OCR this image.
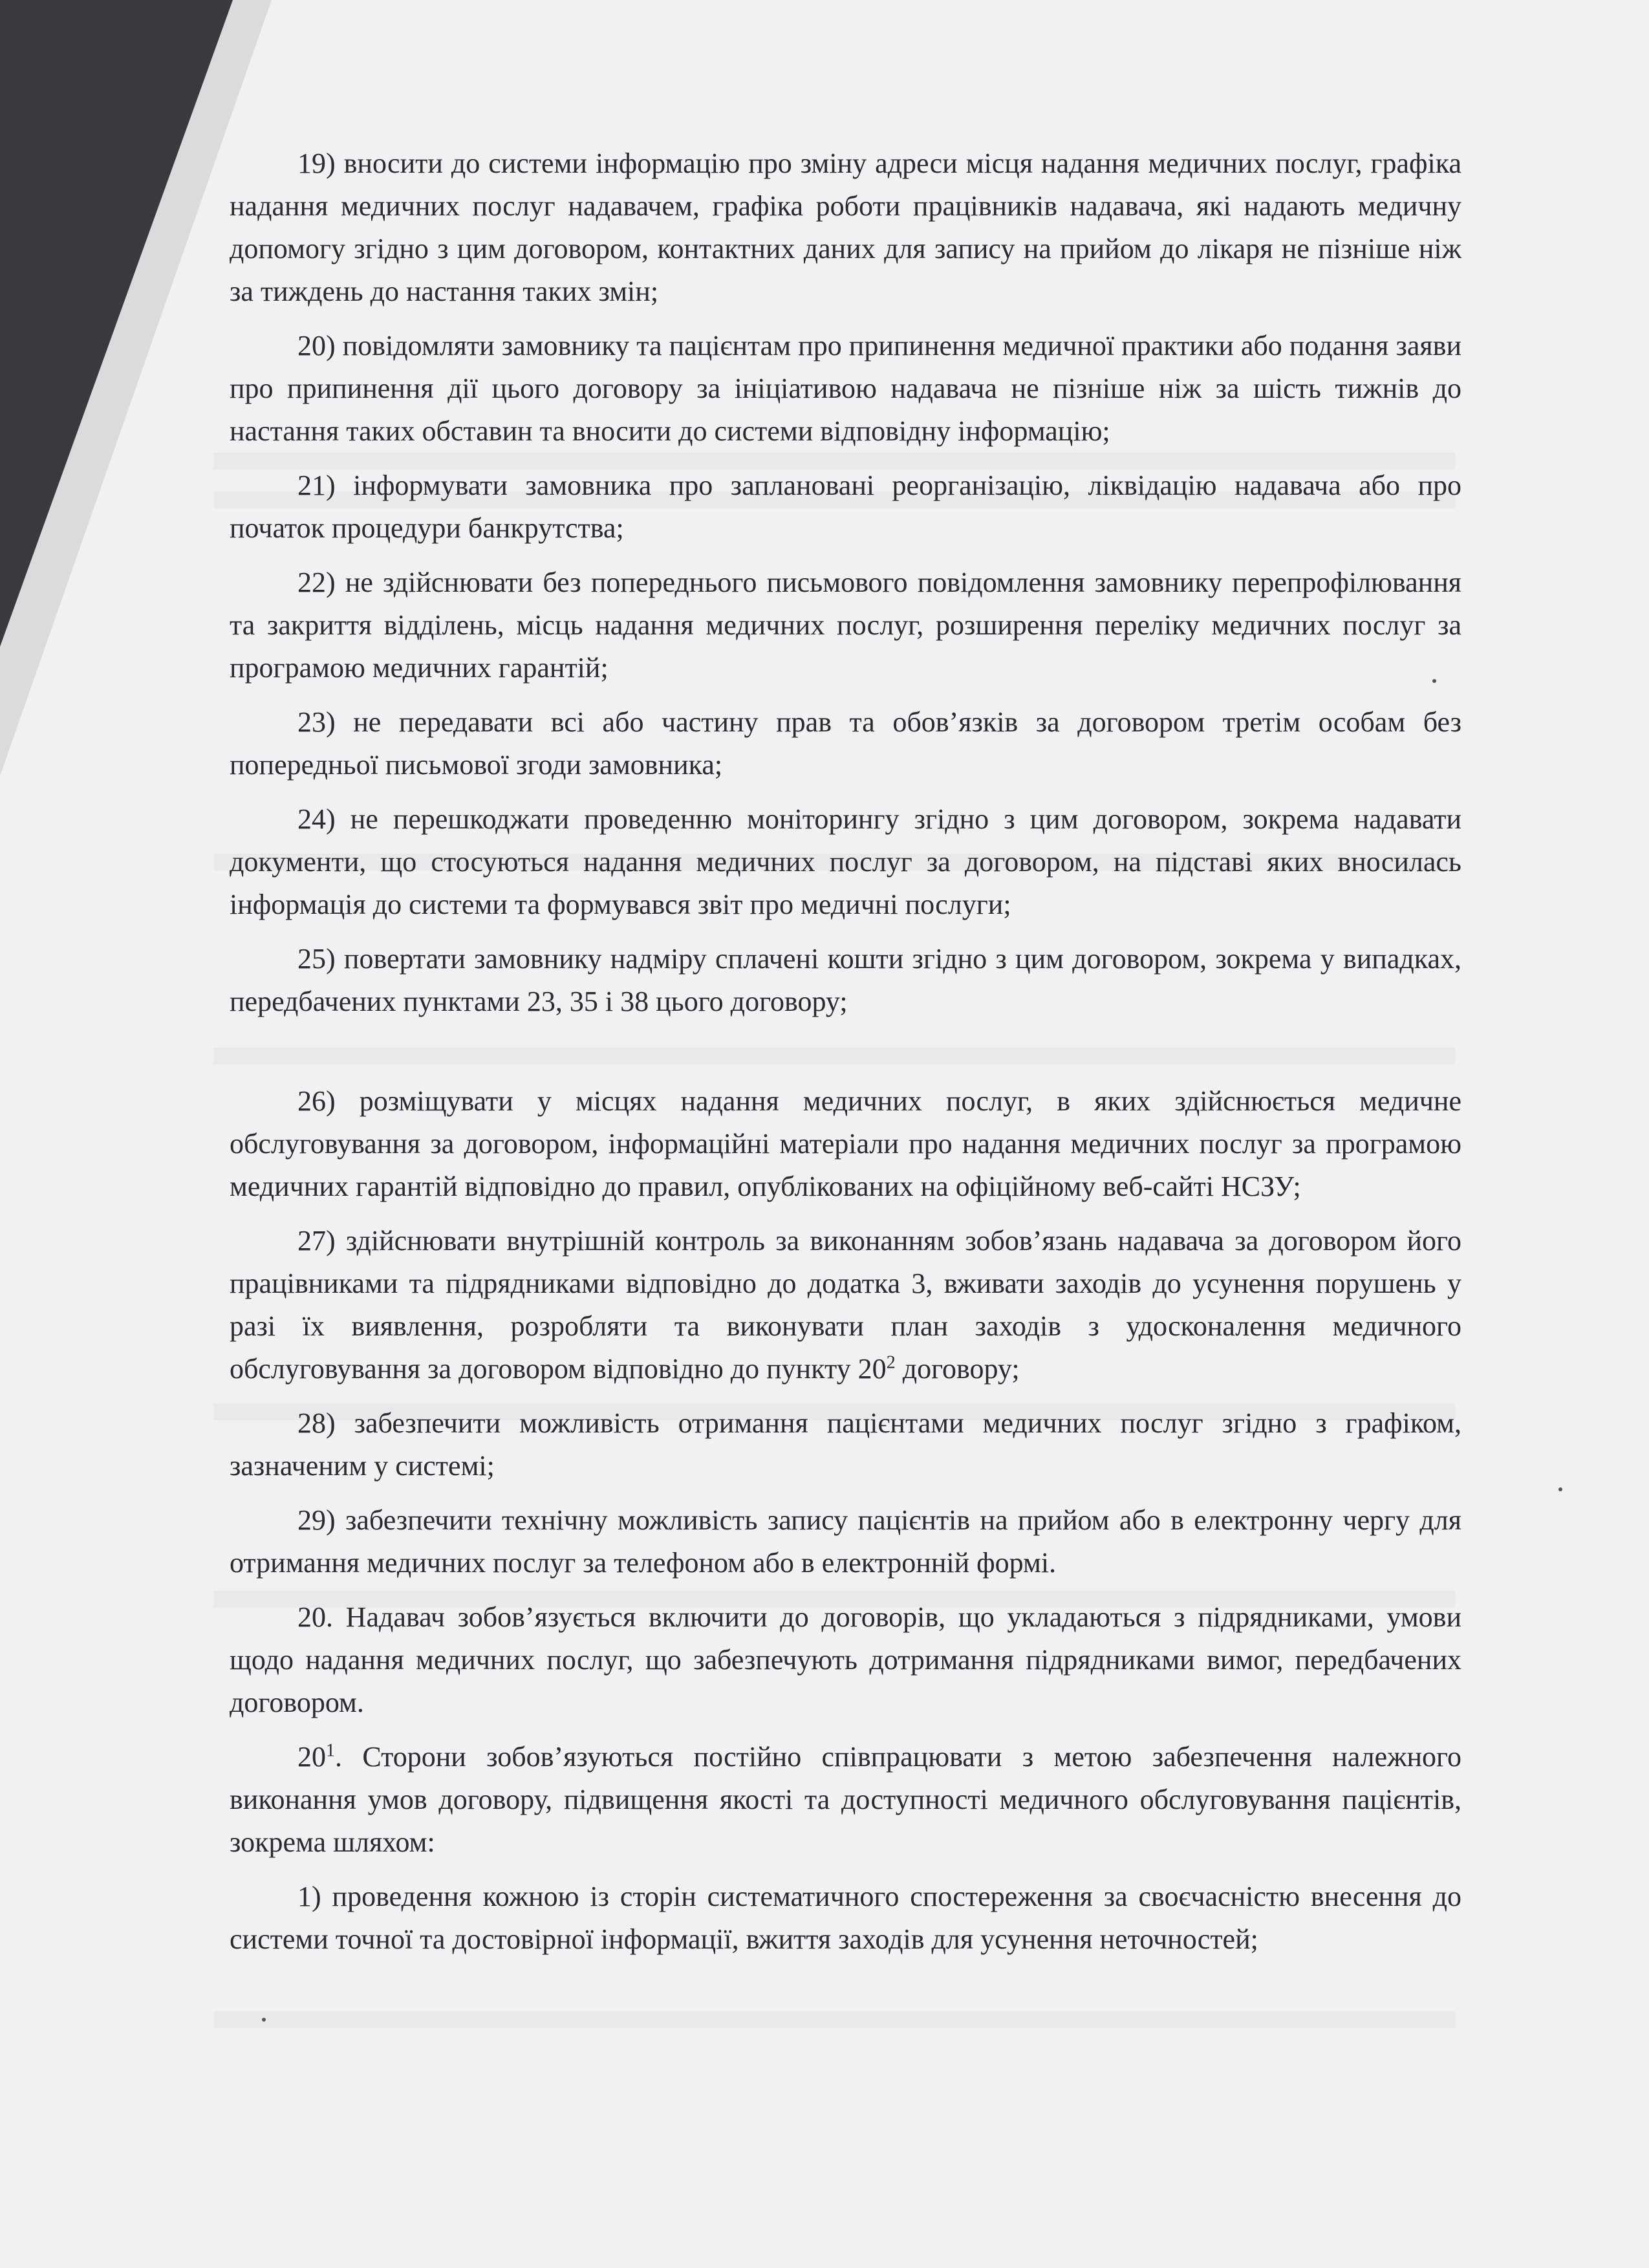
19) вносити до системи інформацію про зміну адреси місця надання медичних послуг, графіка надання медичних послуг надавачем, графіка роботи працівників надавача, які надають медичну допомогу згідно з цим договором, контактних даних для запису на прийом до лікаря не пізніше ніж за тиждень до настання таких змін;

20) повідомляти замовнику та пацієнтам про припинення медичної практики або подання заяви про припинення дії цього договору за ініціативою надавача не пізніше ніж за шість тижнів до настання таких обставин та вносити до системи відповідну інформацію;

21) інформувати замовника про заплановані реорганізацію, ліквідацію надавача або про початок процедури банкрутства;

22) не здійснювати без попереднього письмового повідомлення замовнику перепрофілювання та закриття відділень, місць надання медичних послуг, розширення переліку медичних послуг за програмою медичних гарантій;

23) не передавати всі або частину прав та обов’язків за договором третім особам без попередньої письмової згоди замовника;

24) не перешкоджати проведенню моніторингу згідно з цим договором, зокрема надавати документи, що стосуються надання медичних послуг за договором, на підставі яких вносилась інформація до системи та формувався звіт про медичні послуги;

25) повертати замовнику надміру сплачені кошти згідно з цим договором, зокрема у випадках, передбачених пунктами 23, 35 і 38 цього договору;

26) розміщувати у місцях надання медичних послуг, в яких здійснюється медичне обслуговування за договором, інформаційні матеріали про надання медичних послуг за програмою медичних гарантій відповідно до правил, опублікованих на офіційному веб-сайті НСЗУ;

27) здійснювати внутрішній контроль за виконанням зобов’язань надавача за договором його працівниками та підрядниками відповідно до додатка 3, вживати заходів до усунення порушень у разі їх виявлення, розробляти та виконувати план заходів з удосконалення медичного обслуговування за договором відповідно до пункту $20^2$ договору;

28) забезпечити можливість отримання пацієнтами медичних послуг згідно з графіком, зазначеним у системі;

29) забезпечити технічну можливість запису пацієнтів на прийом або в електронну чергу для отримання медичних послуг за телефоном або в електронній формі.

20. Надавач зобов’язується включити до договорів, що укладаються з підрядниками, умови щодо надання медичних послуг, що забезпечують дотримання підрядниками вимог, передбачених договором.

$20^1$. Сторони зобов’язуються постійно співпрацювати з метою забезпечення належного виконання умов договору, підвищення якості та доступності медичного обслуговування пацієнтів, зокрема шляхом:

1) проведення кожною із сторін систематичного спостереження за своєчасністю внесення до системи точної та достовірної інформації, вжиття заходів для усунення неточностей;
